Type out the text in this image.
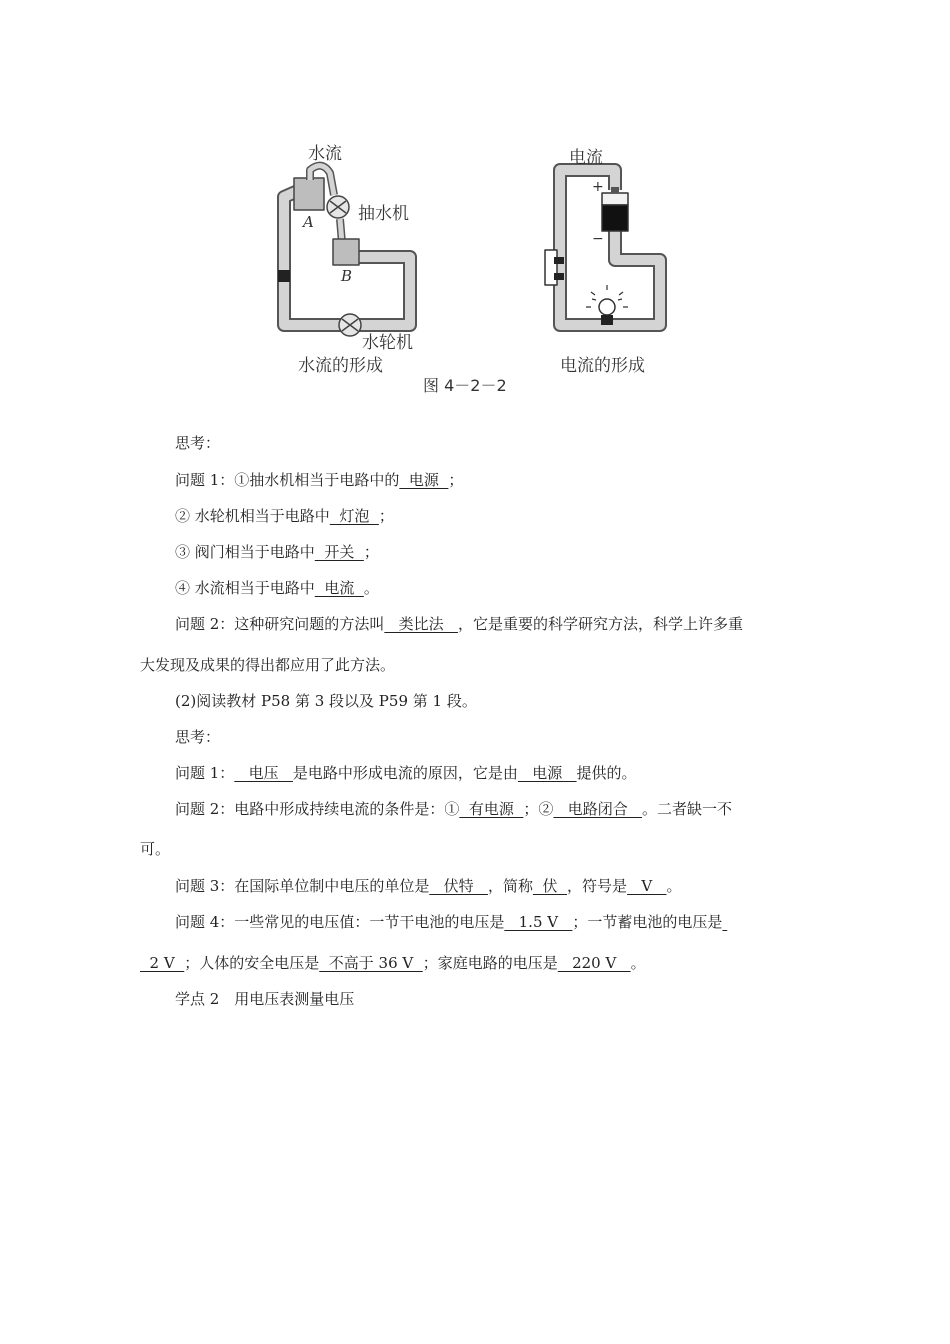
水流
抽水机
A
B
水轮机
水流的形成
电流
+
−
电流的形成
图 4－2－2
思考：
问题 1：①抽水机相当于电路中的  电源  ；
② 水轮机相当于电路中  灯泡  ；
③ 阀门相当于电路中  开关  ；
④ 水流相当于电路中  电流  。
问题 2：这种研究问题的方法叫   类比法   ，它是重要的科学研究方法，科学上许多重
大发现及成果的得出都应用了此方法。
(2)阅读教材 P58 第 3 段以及 P59 第 1 段。
思考：
问题 1：   电压   是电路中形成电流的原因，它是由   电源   提供的。
问题 2：电路中形成持续电流的条件是：①  有电源  ；②   电路闭合   。二者缺一不
可。
问题 3：在国际单位制中电压的单位是   伏特   ，简称  伏  ，符号是   V   。
问题 4：一些常见的电压值：一节干电池的电压是   1.5 V   ；一节蓄电池的电压是
2 V  ；人体的安全电压是  不高于 36 V  ；家庭电路的电压是   220 V   。
学点 2　用电压表测量电压
